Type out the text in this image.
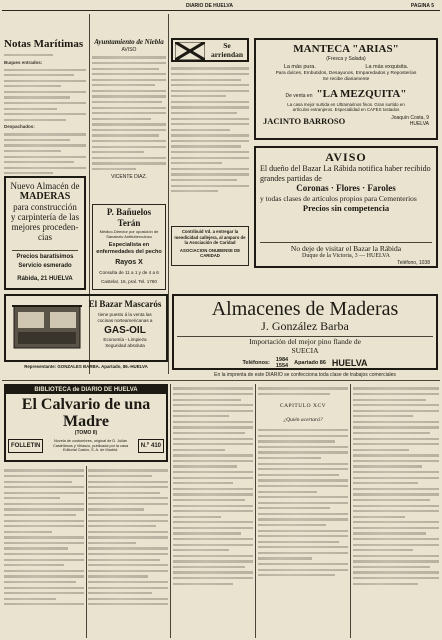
DIARIO DE HUELVA	PAGINA 5
Notas Marítimas
Buques entrados:
Despachados:
Nuevo Almacén de
MADERAS
para construcción
y carpintería de las
mejores proceden-
cias
Precios baratísimos
Servicio esmerado
Rábida, 21 HUELVA
Ayuntamiento de Niebla
AVISO
VICENTE DIAZ.
P. Bañuelos Terán
Médico-Director por oposición de Sanatorio Antituberculoso
Especialista en enfermedades del pecho
Rayos X
Consulta de 11 a 1 y de 4 a 6
Castelar, 16, pral. Tel. 1760
Se
arriendan
Contribuid Vd. a entregar la mendicidad callejera, al amparo de la Asociación de Caridad
ASOCIACION ONUBENSE DE CARIDAD
MANTECA "ARIAS"
(Fresca y Salada)
La más pura.	La más exquisita.
Para dulces, Embutidos, Desayunos, Emparedados y Reposterías
Se recibe diariamente
De venta en "LA MEZQUITA"
La casa mejor surtida en Ultramarinos finos. Gran surtido en
artículos extranjeros. Especialidad en CAFES tostados
JACINTO BARROSO	Joaquín Costa, 9
HUELVA
AVISO
El dueño del Bazar La Rábida notifica haber recibido grandes partidas de
Coronas · Flores · Faroles
y todas clases de artículos propios para Cementerios
Precios sin competencia
No deje de visitar el Bazar la Rábida
Duque de la Victoria, 3 — HUELVA
Teléfono, 1038
El Bazar Mascarós
tiene puesto á la venta las
cocinas norteamericanas a
GAS-OIL
Economía - Limpieza
Seguridad absoluta
Representante: GONZALES BARBA. Apartado, 86.-HUELVA
Almacenes de Maderas
J. González Barba
Importación del mejor pino flande de
SUECIA
Teléfonos: 1984
1554 Apartado 86 HUELVA
En la imprenta de este DIARIO se confecciona toda clase de trabajos comerciales
BIBLIOTECA de DIARIO DE HUELVA
El Calvario de una Madre
(TOMO II)
FOLLETIN
Novela de costumbres, original de D. Julián Castellanos y Velasco, publicada por la casa Editorial Castro, S. A. de Madrid.
N.º 410
CAPITULO XCV
¿Quién acertará?
